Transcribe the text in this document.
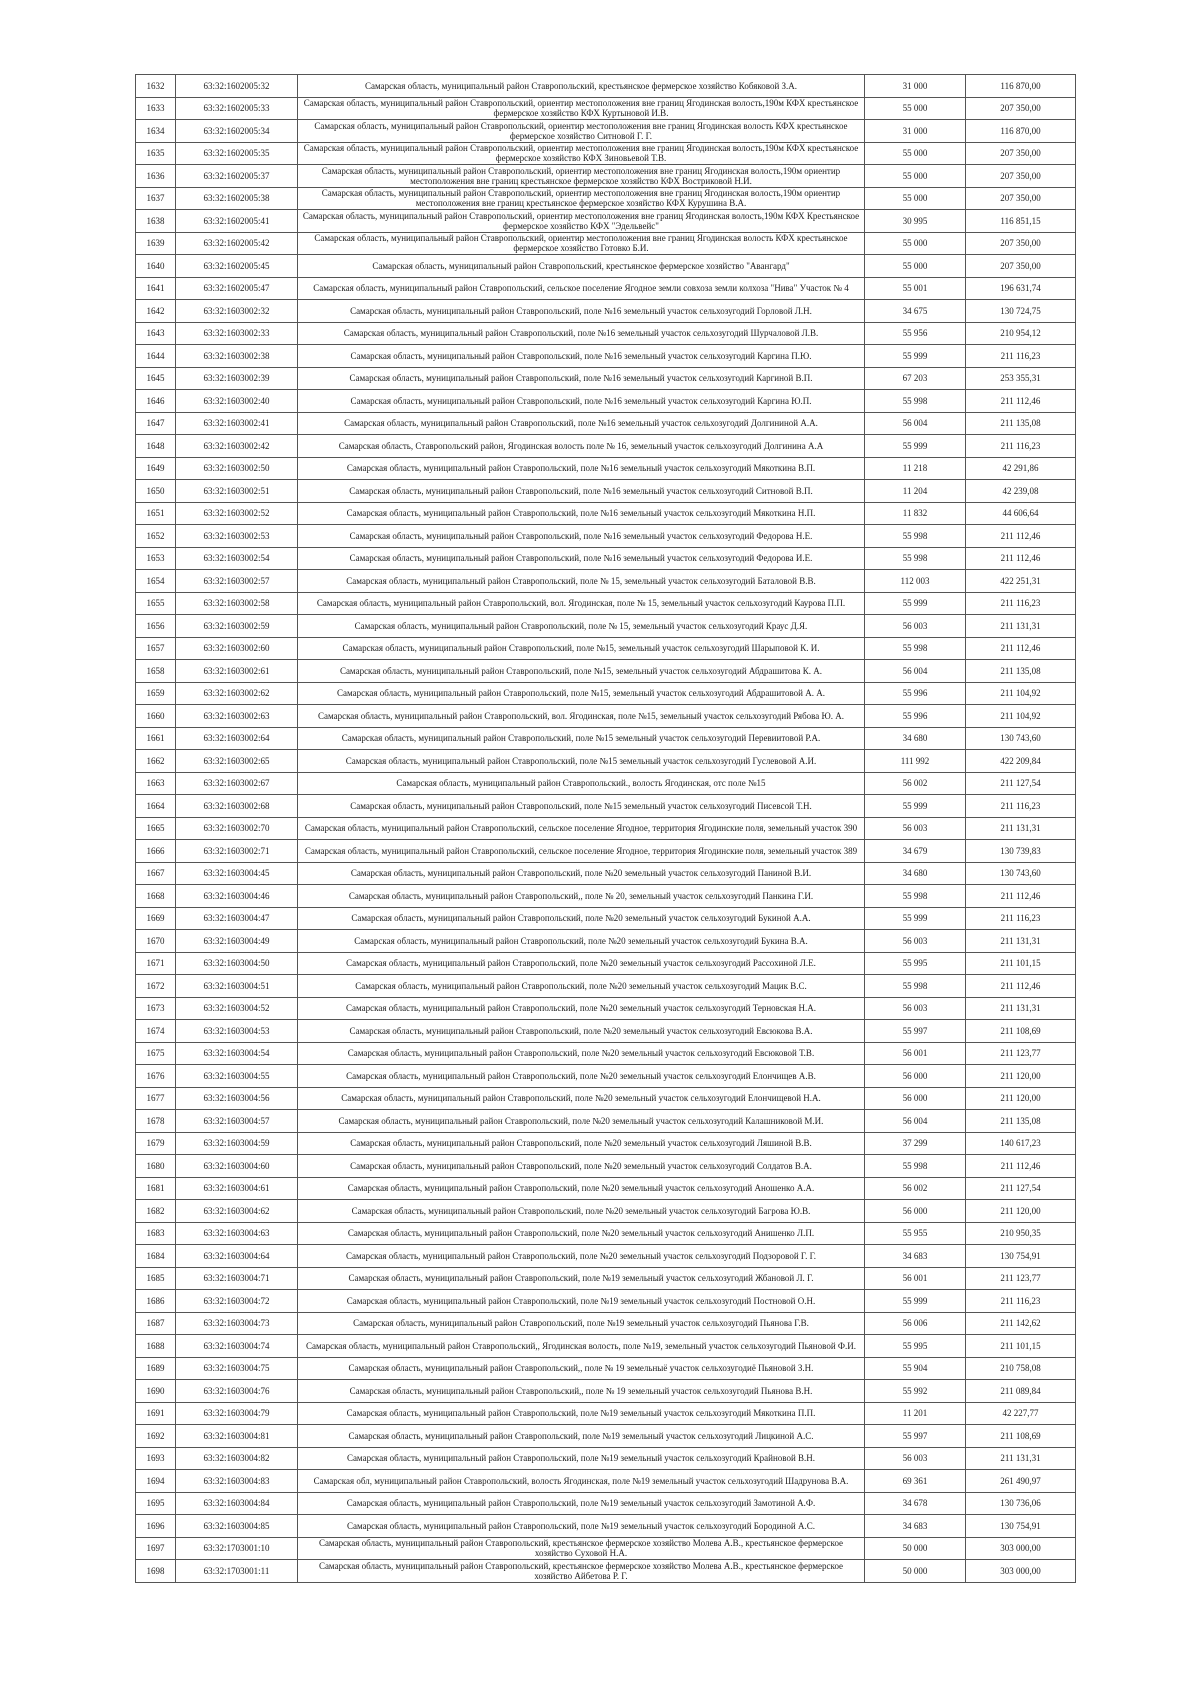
1632	63:32:1602005:32	Самарская область, муниципальный район Ставропольский, крестьянское фермерское хозяйство Кобяковой З.А.	31 000	116 870,00
1633	63:32:1602005:33	Самарская область, муниципальный район Ставропольский, ориентир местоположения вне границ Ягодинская волость,190м КФХ крестьянское фермерское хозяйство КФХ Куртыновой И.В.	55 000	207 350,00
1634	63:32:1602005:34	Самарская область, муниципальный район Ставропольский, ориентир местоположения вне границ Ягодинская волость КФХ крестьянское фермерское хозяйство Ситновой Г. Г.	31 000	116 870,00
1635	63:32:1602005:35	Самарская область, муниципальный район Ставропольский, ориентир местоположения вне границ Ягодинская волость,190м КФХ крестьянское фермерское хозяйство КФХ Зиновьевой Т.В.	55 000	207 350,00
1636	63:32:1602005:37	Самарская область, муниципальный район Ставропольский, ориентир местоположения вне границ Ягодинская волость,190м ориентир местоположения вне границ крестьянское фермерское хозяйство КФХ Востриковой Н.И.	55 000	207 350,00
1637	63:32:1602005:38	Самарская область, муниципальный район Ставропольский, ориентир местоположения вне границ Ягодинская волость,190м ориентир местоположения вне границ крестьянское фермерское хозяйство КФХ Курушина В.А.	55 000	207 350,00
1638	63:32:1602005:41	Самарская область, муниципальный район Ставропольский, ориентир местоположения вне границ Ягодинская волость,190м КФХ Крестьянское фермерское хозяйство КФХ "Эдельвейс"	30 995	116 851,15
1639	63:32:1602005:42	Самарская область, муниципальный район Ставропольский, ориентир местоположения вне границ Ягодинская волость КФХ крестьянское фермерское хозяйство Готовко Б.И.	55 000	207 350,00
1640	63:32:1602005:45	Самарская область, муниципальный район Ставропольский, крестьянское фермерское хозяйство "Авангард"	55 000	207 350,00
1641	63:32:1602005:47	Самарская область, муниципальный район Ставропольский, сельское поселение Ягодное земли совхоза земли колхоза "Нива" Участок № 4	55 001	196 631,74
1642	63:32:1603002:32	Самарская область, муниципальный район Ставропольский, поле №16 земельный участок сельхозугодий Горловой Л.Н.	34 675	130 724,75
1643	63:32:1603002:33	Самарская область, муниципальный район Ставропольский, поле №16 земельный участок сельхозугодий Шурчаловой Л.В.	55 956	210 954,12
1644	63:32:1603002:38	Самарская область, муниципальный район Ставропольский, поле №16 земельный участок сельхозугодий Каргина П.Ю.	55 999	211 116,23
1645	63:32:1603002:39	Самарская область, муниципальный район Ставропольский, поле №16 земельный участок сельхозугодий Каргиной В.П.	67 203	253 355,31
1646	63:32:1603002:40	Самарская область, муниципальный район Ставропольский, поле №16 земельный участок сельхозугодий Каргина Ю.П.	55 998	211 112,46
1647	63:32:1603002:41	Самарская область, муниципальный район Ставропольский, поле №16 земельный участок сельхозугодий Долгининой А.А.	56 004	211 135,08
1648	63:32:1603002:42	Самарская область, Ставропольский район, Ягодинская волость поле № 16, земельный участок сельхозугодий Долгинина А.А	55 999	211 116,23
1649	63:32:1603002:50	Самарская область, муниципальный район Ставропольский, поле №16 земельный участок сельхозугодий Мякоткина В.П.	11 218	42 291,86
1650	63:32:1603002:51	Самарская область, муниципальный район Ставропольский, поле №16 земельный участок сельхозугодий Ситновой В.П.	11 204	42 239,08
1651	63:32:1603002:52	Самарская область, муниципальный район Ставропольский, поле №16 земельный участок сельхозугодий Мякоткина Н.П.	11 832	44 606,64
1652	63:32:1603002:53	Самарская область, муниципальный район Ставропольский, поле №16 земельный участок сельхозугодий Федорова Н.Е.	55 998	211 112,46
1653	63:32:1603002:54	Самарская область, муниципальный район Ставропольский, поле №16 земельный участок сельхозугодий Федорова И.Е.	55 998	211 112,46
1654	63:32:1603002:57	Самарская область, муниципальный район Ставропольский, поле № 15, земельный участок сельхозугодий Баталовой В.В.	112 003	422 251,31
1655	63:32:1603002:58	Самарская область, муниципальный район Ставропольский, вол. Ягодинская, поле № 15, земельный участок сельхозугодий Каурова П.П.	55 999	211 116,23
1656	63:32:1603002:59	Самарская область, муниципальный район Ставропольский, поле № 15, земельный участок сельхозугодий Краус Д.Я.	56 003	211 131,31
1657	63:32:1603002:60	Самарская область, муниципальный район Ставропольский, поле №15, земельный участок сельхозугодий Шарыповой К. И.	55 998	211 112,46
1658	63:32:1603002:61	Самарская область, муниципальный район Ставропольский, поле №15, земельный участок сельхозугодий Абдрашитова К. А.	56 004	211 135,08
1659	63:32:1603002:62	Самарская область, муниципальный район Ставропольский, поле №15, земельный участок сельхозугодий Абдрашитовой А. А.	55 996	211 104,92
1660	63:32:1603002:63	Самарская область, муниципальный район Ставропольский, вол. Ягодинская, поле №15, земельный участок сельхозугодий Рябова Ю. А.	55 996	211 104,92
1661	63:32:1603002:64	Самарская область, муниципальный район Ставропольский, поле №15 земельный участок сельхозугодий Перевиитовой Р.А.	34 680	130 743,60
1662	63:32:1603002:65	Самарская область, муниципальный район Ставропольский, поле №15 земельный участок сельхозугодий Гуслевовой А.И.	111 992	422 209,84
1663	63:32:1603002:67	Самарская область, муниципальный район Ставропольский., волость Ягодинская, отс поле №15	56 002	211 127,54
1664	63:32:1603002:68	Самарская область, муниципальный район Ставропольский, поле №15 земельный участок сельхозугодий Писевсой Т.Н.	55 999	211 116,23
1665	63:32:1603002:70	Самарская область, муниципальный район Ставропольский, сельское поселение Ягодное, территория Ягодинские поля, земельный участок 390	56 003	211 131,31
1666	63:32:1603002:71	Самарская область, муниципальный район Ставропольский, сельское поселение Ягодное, территория Ягодинские поля, земельный участок 389	34 679	130 739,83
1667	63:32:1603004:45	Самарская область, муниципальный район Ставропольский, поле №20 земельный участок сельхозугодий Паниной В.И.	34 680	130 743,60
1668	63:32:1603004:46	Самарская область, муниципальный район Ставропольский,, поле № 20, земельный участок сельхозугодий Панкина Г.И.	55 998	211 112,46
1669	63:32:1603004:47	Самарская область, муниципальный район Ставропольский, поле №20 земельный участок сельхозугодий Букиной А.А.	55 999	211 116,23
1670	63:32:1603004:49	Самарская область, муниципальный район Ставропольский, поле №20 земельный участок сельхозугодий Букина В.А.	56 003	211 131,31
1671	63:32:1603004:50	Самарская область, муниципальный район Ставропольский, поле №20 земельный участок сельхозугодий Рассохиной Л.Е.	55 995	211 101,15
1672	63:32:1603004:51	Самарская область, муниципальный район Ставропольский, поле №20 земельный участок сельхозугодий Мацик В.С.	55 998	211 112,46
1673	63:32:1603004:52	Самарская область, муниципальный район Ставропольский, поле №20 земельный участок сельхозугодий Терновская Н.А.	56 003	211 131,31
1674	63:32:1603004:53	Самарская область, муниципальный район Ставропольский, поле №20 земельный участок сельхозугодий Евсюкова В.А.	55 997	211 108,69
1675	63:32:1603004:54	Самарская область, муниципальный район Ставропольский, поле №20 земельный участок сельхозугодий Евсюковой Т.В.	56 001	211 123,77
1676	63:32:1603004:55	Самарская область, муниципальный район Ставропольский, поле №20 земельный участок сельхозугодий Елончищев А.В.	56 000	211 120,00
1677	63:32:1603004:56	Самарская область, муниципальный район Ставропольский, поле №20 земельный участок сельхозугодий Елончищевой Н.А.	56 000	211 120,00
1678	63:32:1603004:57	Самарская область, муниципальный район Ставропольский, поле №20 земельный участок сельхозугодий Калашниковой М.И.	56 004	211 135,08
1679	63:32:1603004:59	Самарская область, муниципальный район Ставропольский, поле №20 земельный участок сельхозугодий Ляшиной В.В.	37 299	140 617,23
1680	63:32:1603004:60	Самарская область, муниципальный район Ставропольский, поле №20 земельный участок сельхозугодий Солдатов В.А.	55 998	211 112,46
1681	63:32:1603004:61	Самарская область, муниципальный район Ставропольский, поле №20 земельный участок сельхозугодий Аношенко А.А.	56 002	211 127,54
1682	63:32:1603004:62	Самарская область, муниципальный район Ставропольский, поле №20 земельный участок сельхозугодий Багрова Ю.В.	56 000	211 120,00
1683	63:32:1603004:63	Самарская область, муниципальный район Ставропольский, поле №20 земельный участок сельхозугодий Анишенко Л.П.	55 955	210 950,35
1684	63:32:1603004:64	Самарская область, муниципальный район Ставропольский, поле №20 земельный участок сельхозугодий Подзоровой Г. Г.	34 683	130 754,91
1685	63:32:1603004:71	Самарская область, муниципальный район Ставропольский, поле №19 земельный участок сельхозугодий Жбановой Л. Г.	56 001	211 123,77
1686	63:32:1603004:72	Самарская область, муниципальный район Ставропольский, поле №19 земельный участок сельхозугодий Постновой О.Н.	55 999	211 116,23
1687	63:32:1603004:73	Самарская область, муниципальный район Ставропольский, поле №19 земельный участок сельхозугодий Пьянова Г.В.	56 006	211 142,62
1688	63:32:1603004:74	Самарская область, муниципальный район Ставропольский,, Ягодинская волость, поле №19, земельный участок сельхозугодий Пьяновой Ф.И.	55 995	211 101,15
1689	63:32:1603004:75	Самарская область, муниципальный район Ставропольский,, поле № 19 земельныё участок сельхозугодиё Пьяновой З.Н.	55 904	210 758,08
1690	63:32:1603004:76	Самарская область, муниципальный район Ставропольский,, поле № 19 земельный участок сельхозугодий Пьянова В.Н.	55 992	211 089,84
1691	63:32:1603004:79	Самарская область, муниципальный район Ставропольский, поле №19 земельный участок сельхозугодий Мякоткина П.П.	11 201	42 227,77
1692	63:32:1603004:81	Самарская область, муниципальный район Ставропольский, поле №19 земельный участок сельхозугодий Лицкиной А.С.	55 997	211 108,69
1693	63:32:1603004:82	Самарская область, муниципальный район Ставропольский, поле №19 земельный участок сельхозугодий Крайновой В.Н.	56 003	211 131,31
1694	63:32:1603004:83	Самарская обл, муниципальный район Ставропольский, волость Ягодинская, поле №19 земельный участок сельхозугодий Шадрунова В.А.	69 361	261 490,97
1695	63:32:1603004:84	Самарская область, муниципальный район Ставропольский, поле №19 земельный участок сельхозугодий Замотиной А.Ф.	34 678	130 736,06
1696	63:32:1603004:85	Самарская область, муниципальный район Ставропольский, поле №19 земельный участок сельхозугодий Бородиной А.С.	34 683	130 754,91
1697	63:32:1703001:10	Самарская область, муниципальный район Ставропольский, крестьянское фермерское хозяйство Молева А.В., крестьянское фермерское хозяйство Суховой Н.А.	50 000	303 000,00
1698	63:32:1703001:11	Самарская область, муниципальный район Ставропольский, крестьянское фермерское хозяйство Молева А.В., крестьянское фермерское хозяйство Айбетова Р. Г.	50 000	303 000,00
